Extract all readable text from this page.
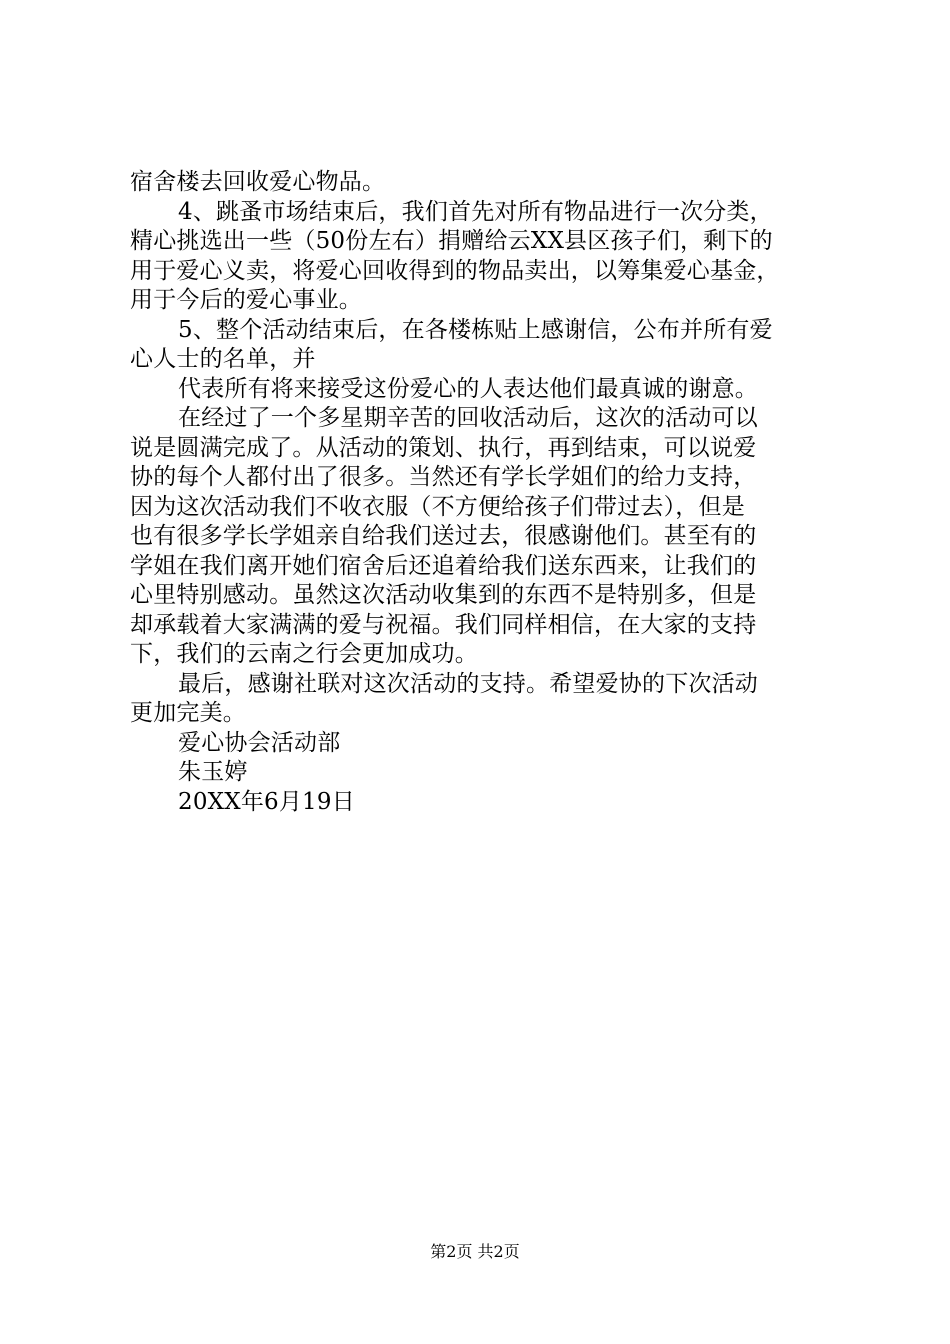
宿舍楼去回收爱心物品。
4、跳蚤市场结束后，我们首先对所有物品进行一次分类，
精心挑选出一些（50份左右）捐赠给云XX县区孩子们，剩下的
用于爱心义卖，将爱心回收得到的物品卖出，以筹集爱心基金，
用于今后的爱心事业。
5、整个活动结束后，在各楼栋贴上感谢信，公布并所有爱
心人士的名单，并
代表所有将来接受这份爱心的人表达他们最真诚的谢意。
在经过了一个多星期辛苦的回收活动后，这次的活动可以
说是圆满完成了。从活动的策划、执行，再到结束，可以说爱
协的每个人都付出了很多。当然还有学长学姐们的给力支持，
因为这次活动我们不收衣服（不方便给孩子们带过去），但是
也有很多学长学姐亲自给我们送过去，很感谢他们。甚至有的
学姐在我们离开她们宿舍后还追着给我们送东西来，让我们的
心里特别感动。虽然这次活动收集到的东西不是特别多，但是
却承载着大家满满的爱与祝福。我们同样相信，在大家的支持
下，我们的云南之行会更加成功。
最后，感谢社联对这次活动的支持。希望爱协的下次活动
更加完美。
爱心协会活动部
朱玉婷
20XX年6月19日
第2页 共2页
